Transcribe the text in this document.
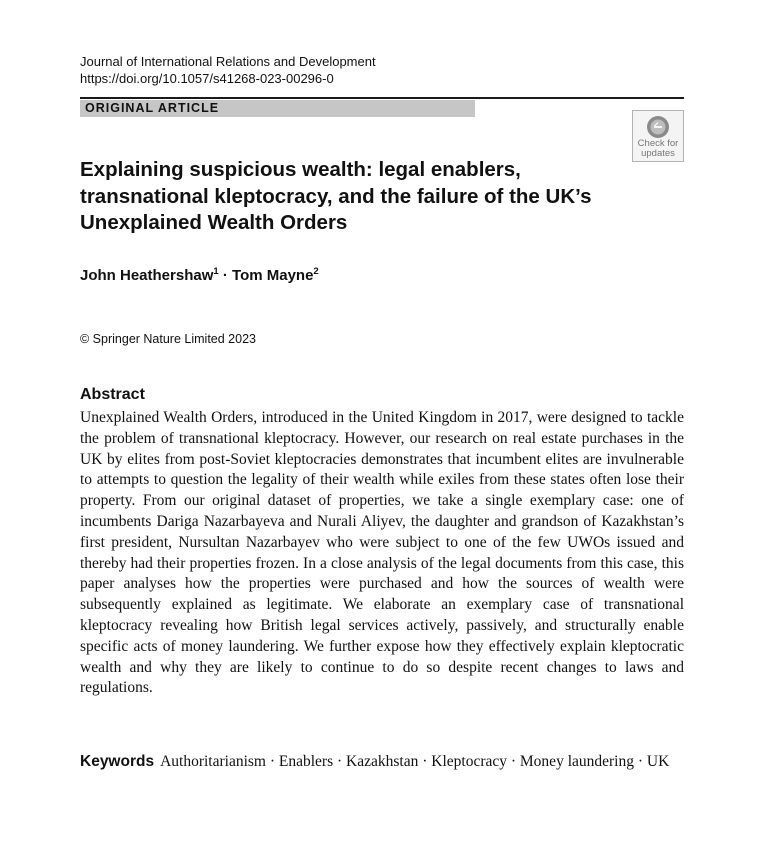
Journal of International Relations and Development
https://doi.org/10.1057/s41268-023-00296-0
ORIGINAL ARTICLE
Check for
updates
Explaining suspicious wealth: legal enablers, transnational kleptocracy, and the failure of the UK’s Unexplained Wealth Orders
John Heathershaw$^1$ · Tom Mayne$^2$
© Springer Nature Limited 2023
Abstract

Unexplained Wealth Orders, introduced in the United Kingdom in 2017, were designed to tackle the problem of transnational kleptocracy. However, our research on real estate purchases in the UK by elites from post-Soviet kleptocracies demonstrates that incumbent elites are invulnerable to attempts to question the legality of their wealth while exiles from these states often lose their property. From our original dataset of properties, we take a single exemplary case: one of incumbents Dariga Nazarbayeva and Nurali Aliyev, the daughter and grandson of Kazakhstan’s first president, Nursultan Nazarbayev who were subject to one of the few UWOs issued and thereby had their properties frozen. In a close analysis of the legal documents from this case, this paper analyses how the properties were purchased and how the sources of wealth were subsequently explained as legitimate. We elaborate an exemplary case of transnational kleptocracy revealing how British legal services actively, passively, and structurally enable specific acts of money laundering. We further expose how they effectively explain kleptocratic wealth and why they are likely to continue to do so despite recent changes to laws and regulations.

Keywords Authoritarianism · Enablers · Kazakhstan · Kleptocracy · Money laundering · UK
